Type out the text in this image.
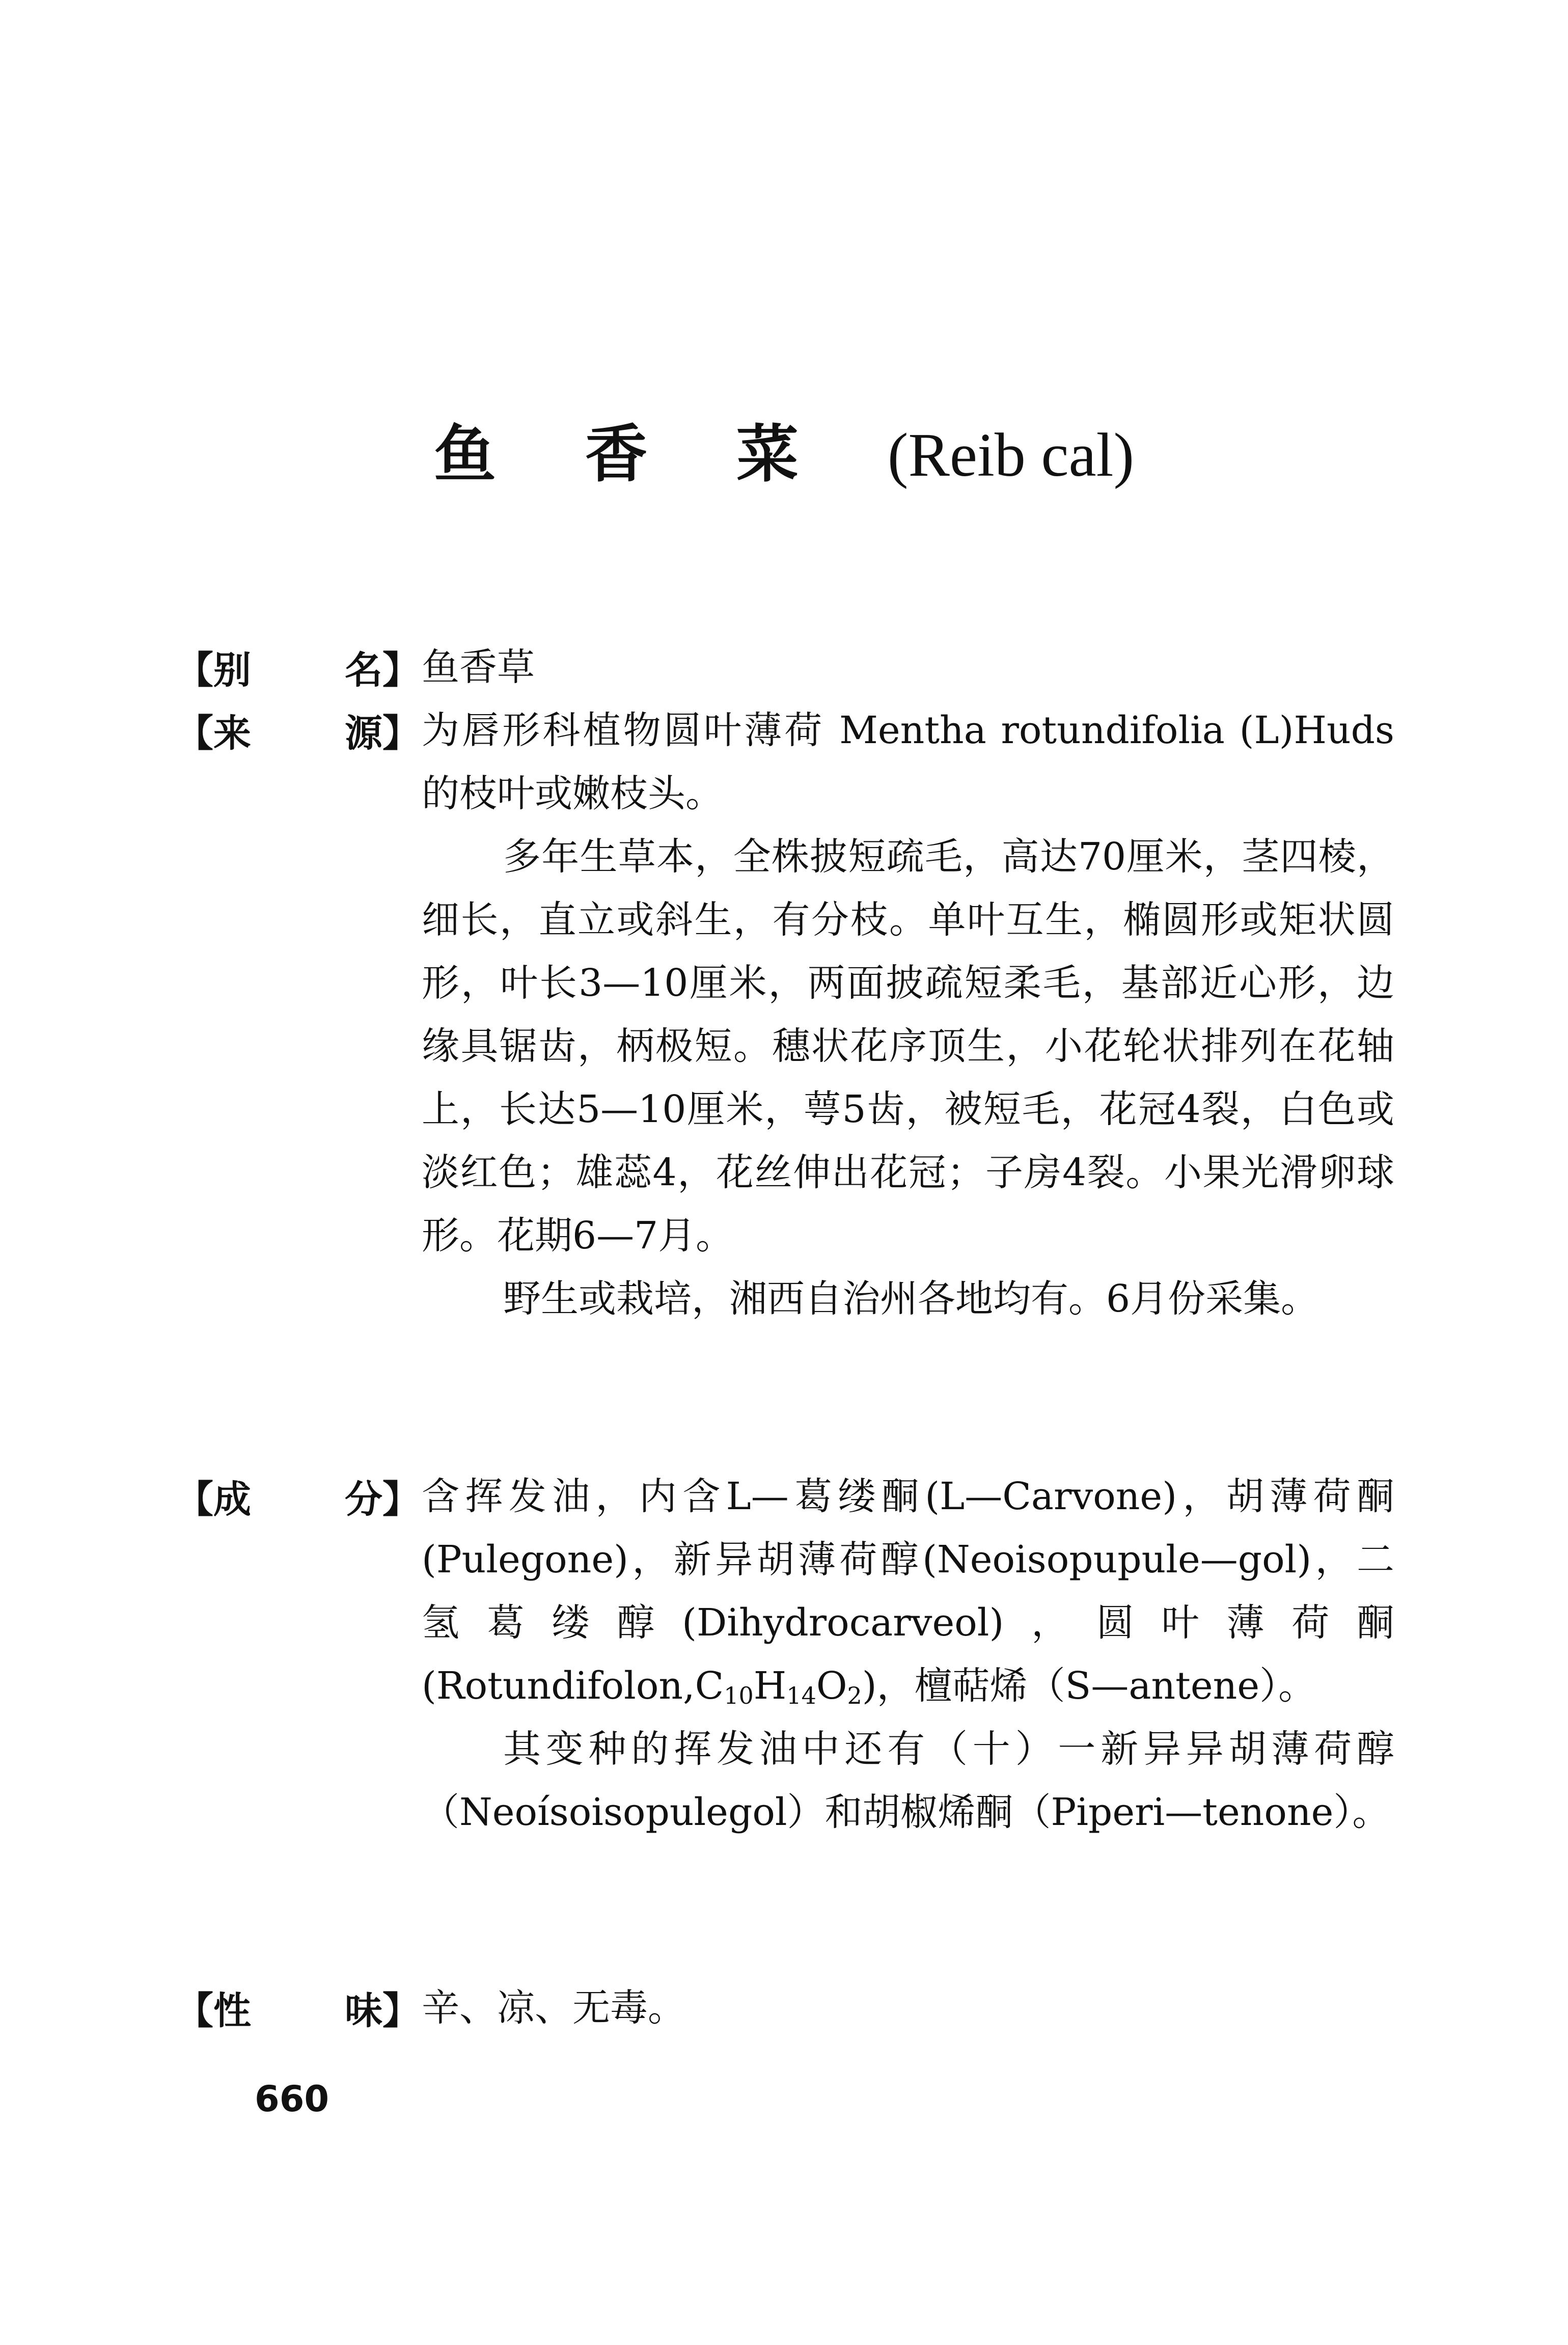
鱼香菜(Reib cal)
【别 名】 鱼香草

【来 源】 为唇形科植物圆叶薄荷 Mentha rotundifolia (L)Huds的枝叶或嫩枝头。

多年生草本，全株披短疏毛，高达70厘米，茎四棱，细长，直立或斜生，有分枝。单叶互生，椭圆形或矩状圆形，叶长3—10厘米，两面披疏短柔毛，基部近心形，边缘具锯齿，柄极短。穗状花序顶生，小花轮状排列在花轴上，长达5—10厘米，萼5齿，被短毛，花冠4裂，白色或淡红色；雄蕊4，花丝伸出花冠；子房4裂。小果光滑卵球形。花期6—7月。

野生或栽培，湘西自治州各地均有。6月份采集。

【成 分】 含挥发油，内含L—葛缕酮(L—Carvone)，胡薄荷酮(Pulegone)，新异胡薄荷醇(Neoisopupule—gol)，二氢葛缕醇(Dihydrocarveol)，圆叶薄荷酮$(Rotundifolon,C_{10}H_{14}O_2)$，檀萜烯（S—antene）。

其变种的挥发油中还有（十）一新异异胡薄荷醇（Neoísoisopulegol）和胡椒烯酮（Piperi—tenone）。

【性 味】 辛、凉、无毒。

660
